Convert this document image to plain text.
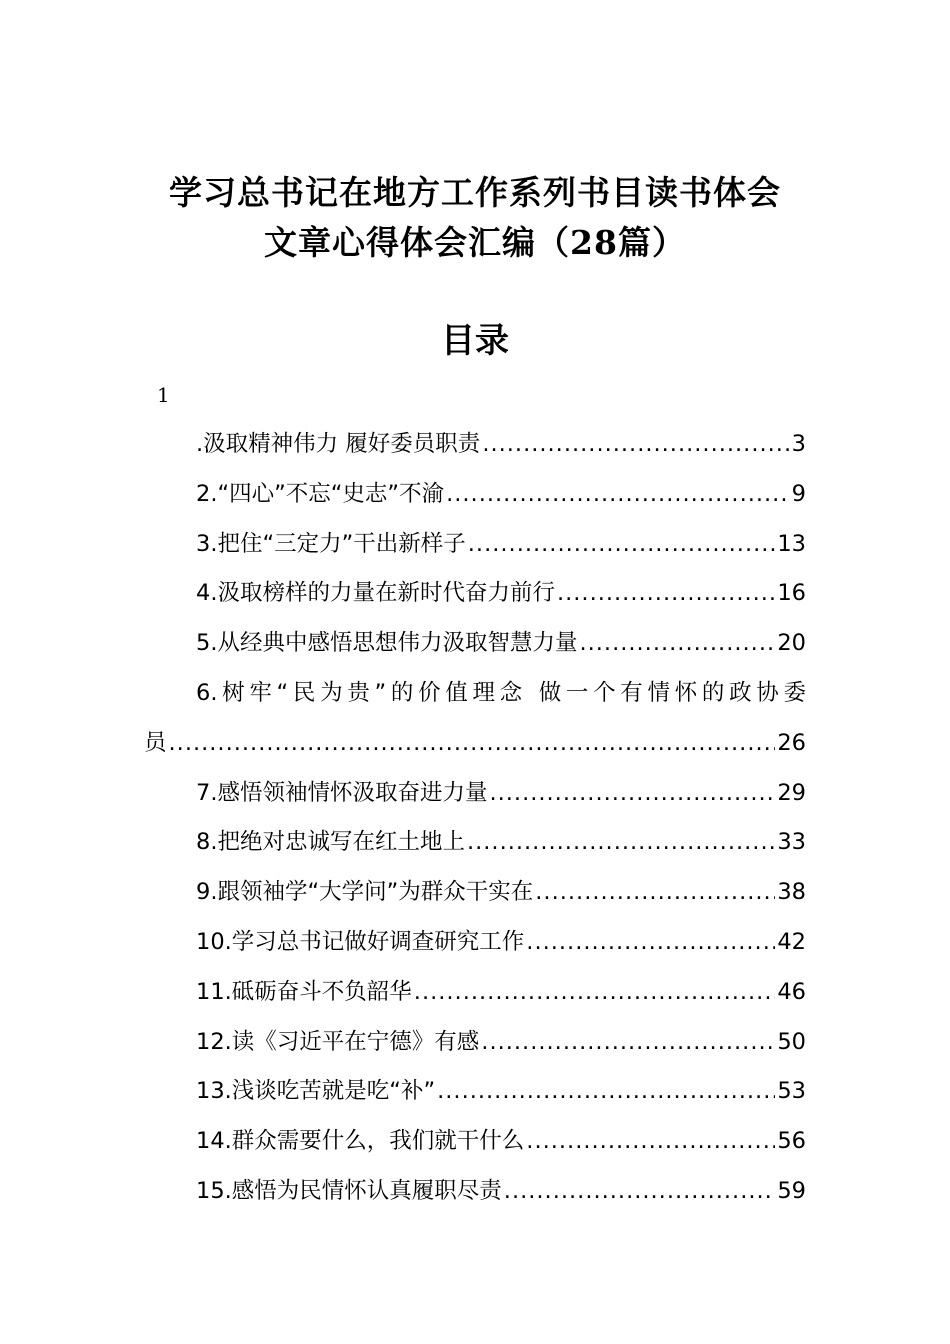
学习总书记在地方工作系列书目读书体会
文章心得体会汇编（28篇）
目录
1
.汲取精神伟力 履好委员职责 .....	3
2.“四心”不忘“史志”不渝 .....	9
3.把住“三定力”干出新样子 .....	13
4.汲取榜样的力量在新时代奋力前行 .....	16
5.从经典中感悟思想伟力汲取智慧力量 .....	20
6.树牢“民为贵”的价值理念 做一个有情怀的政协委
员 .....	26
7.感悟领袖情怀汲取奋进力量 .....	29
8.把绝对忠诚写在红土地上 .....	33
9.跟领袖学“大学问”为群众干实在 .....	38
10.学习总书记做好调查研究工作 .....	42
11.砥砺奋斗不负韶华 .....	46
12.读《习近平在宁德》有感 .....	50
13.浅谈吃苦就是吃“补” .....	53
14.群众需要什么，我们就干什么 .....	56
15.感悟为民情怀认真履职尽责 .....	59
